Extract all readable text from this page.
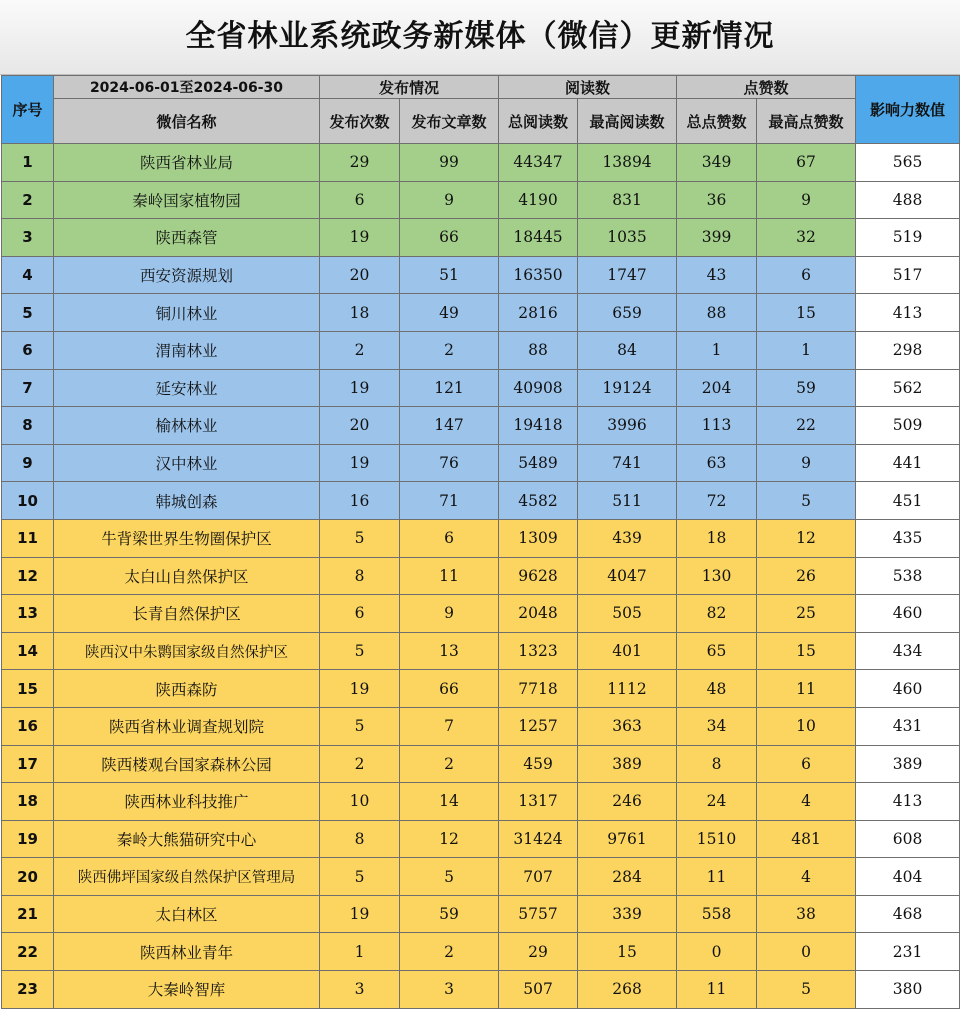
全省林业系统政务新媒体（微信）更新情况
序号	2024-06-01至2024-06-30	发布情况		阅读数		点赞数		影响力数值
	微信名称	发布次数	发布文章数	总阅读数	最高阅读数	总点赞数	最高点赞数	
1	陕西省林业局	29	99	44347	13894	349	67	565
2	秦岭国家植物园	6	9	4190	831	36	9	488
3	陕西森管	19	66	18445	1035	399	32	519
4	西安资源规划	20	51	16350	1747	43	6	517
5	铜川林业	18	49	2816	659	88	15	413
6	渭南林业	2	2	88	84	1	1	298
7	延安林业	19	121	40908	19124	204	59	562
8	榆林林业	20	147	19418	3996	113	22	509
9	汉中林业	19	76	5489	741	63	9	441
10	韩城创森	16	71	4582	511	72	5	451
11	牛背梁世界生物圈保护区	5	6	1309	439	18	12	435
12	太白山自然保护区	8	11	9628	4047	130	26	538
13	长青自然保护区	6	9	2048	505	82	25	460
14	陕西汉中朱鹮国家级自然保护区	5	13	1323	401	65	15	434
15	陕西森防	19	66	7718	1112	48	11	460
16	陕西省林业调查规划院	5	7	1257	363	34	10	431
17	陕西楼观台国家森林公园	2	2	459	389	8	6	389
18	陕西林业科技推广	10	14	1317	246	24	4	413
19	秦岭大熊猫研究中心	8	12	31424	9761	1510	481	608
20	陕西佛坪国家级自然保护区管理局	5	5	707	284	11	4	404
21	太白林区	19	59	5757	339	558	38	468
22	陕西林业青年	1	2	29	15	0	0	231
23	大秦岭智库	3	3	507	268	11	5	380
